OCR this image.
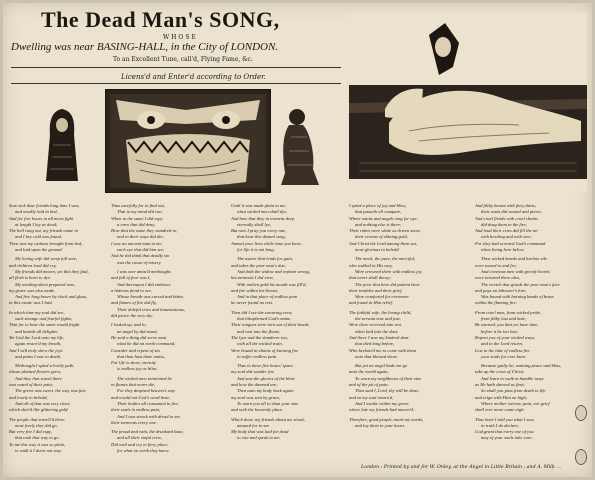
The Dead Man's SONG,
WHOSE
Dwelling was near BASING-HALL, in the City of LONDON.
To an Excellent Tune, call'd, Flying Fame, &c.
Licens'd and Enter'd according to Order.
Sore sick dear friends long time I was,
and weakly laid in bed,
And for five hours in all mens fight
at length I lay as dead;
The bell rung out, my friends came in
and I key cold was found,
Then was my carkass brought from bed,
and laid upon the ground.
My loving wife did weep full sore,
and children loud did cry,
My friends did mourn, yet this they faid,
all flesh is born to dye.
My winding-sheet prepared was,
my grave was also made,
And five long hours by clock and glass,
in this estate was I laid.
In which time my soul did see,
such strange and fearful fights,
That for to hear the same would fright
and banish all delights:
Yet God the Lord unto my life,
again restor'd my breath,
And I will truly shew the joys
and pains I saw in death.
Methought I spied a lovely path,
whose planted flowers grew,
And they that travel there
was eased of their pain;
The green was sweet, the way was fair,
and lovely to behold,
And all of that was very clear,
which shin'd like glittering gold.
The people that travell'd there,
most freely they did go,
But very few I did espy,
that took that way to go.
To me this way it was so plain,
to walk it I durst not stay.
Thus carefully for to find out,
That in my mind did run,
When in the same I did espy
a crew that did deny,
How that the same they wandred in,
and in their ways did die;
I saw an ancient man to me,
each eye that did him see,
And he did think that deadly sin
was the cause of misery.
I was sore amaz'd methought,
and full of fear was I,
And thereupon I did embrace
a hideous fiend to see,
Whose breath was cursed and bitter,
and flames of fire did fly,
Their doleful cries and lamentations,
did pierce the very sky.
I looked up, and lo,
an angel by did stand,
He said a thing did serve man
what he did on earth command,
Consider and repent of sin
that thou hast done amiss,
For life is short, eternity
is endless joy or bliss.
The wicked men tormented be
in flames that never die,
For they despised heaven's way
and would not God's word hear,
Their bodies all consumed in fire,
their souls in endless pain,
And I was struck with dread to see
their torments every one.
The proud and vain, the drunkard base,
and all their sinful crew,
Did wail and cry in fiery place,
for what on earth they knew.
Until it was made plain to me
what wicked men shall dye,
And how that they in torment deep
eternally shall lye,
But now I pray you every one,
that hear this dismal song,
Amend your lives while time you have,
for life it is not long.
The usurer that lends for gain,
and takes the poor man's due,
And doth the widow and orphan wrong,
his torments I did view,
With molten gold his mouth was fill'd,
and fire within his breast,
And in that place of endless pain
he never found no rest.
Then did I see the swearing crew,
that blasphemed God's name,
Their tongues were torn out of their heads
and cast into the flame;
The lyar and the slanderer too,
with all the wicked train,
Were bound in chains of burning fire
to suffer endless pain.
Thus in these five hours' space
my soul did wander far,
And saw the glories of the blest
and how the damned are;
Then unto my body back again
my soul was sent by grace,
To warn you all to shun your sins
and seek the heavenly place.
Which done, my friends about me stood,
amazed for to see
My body that was laid for dead
to rise and speak to me.
I spied a place of joy and bliss,
that passeth all compare,
Where saints and angels sing for aye,
and nothing else is there;
Their robes were white as driven snow,
their crowns of shining gold,
And Christ the Lord among them sat,
most glorious to behold.
The meek, the pure, the merciful,
who walked in His way,
Were crowned there with endless joy
that never shall decay;
The poor that here did patient bear
their troubles and their grief,
Were comforted for evermore
and found in Him relief.
The faithful wife, the loving child,
the servant true and just,
Were there received into rest
when laid into the dust;
And there I saw my kindred dear
that died long before,
Who beckon'd me to come with them
unto that blessed shore.
But yet an angel bade me go
unto the world again,
To warn my neighbours of their sins
and of the pit of pain;
Then said I, Lord, thy will be done,
and so my soul return'd,
And I awoke within my grave
where late my friends had mourn'd.
Therefore, good people, mark my words,
and lay them to your heart.
And filthy beasts with fiery darts,
their souls did wound and pierce,
And cruel fiends with cruel chains
did drag them to the fire,
And loud their cries did fill the air
with howling and with woe,
For they had scorned God's command
when living here below.
Then wicked bawds and harlots vile
were tossed to and fro,
And covetous men with greedy hearts
were tortured there also,
The wretch that grinds the poor man's face
and pays no labourer's hire,
Was bound with burning bands of brass
within the flaming fire.
From cruel men, from wicked pride,
from filthy lust and hate,
Be warned, you that yet have time,
before it be too late;
Repent you of your wicked ways,
and to the Lord return,
Lest in the lake of endless fire
your souls for ever burn.
Because guilty be, wanting peace and bliss,
take up the cross of Christ,
And learn to walk in humble ways
as He hath shewed us first;
So shall you pass from death to life
and reign with Him on high,
Where neither sorrow, pain, nor grief
shall ever more come nigh.
Thus have I told you what I saw,
in truth I do declare,
God grant that every one of you
may of your souls take care.
London : Printed by and for W. Onley, at the Angel in Little Britain ; and A. Milb ...
